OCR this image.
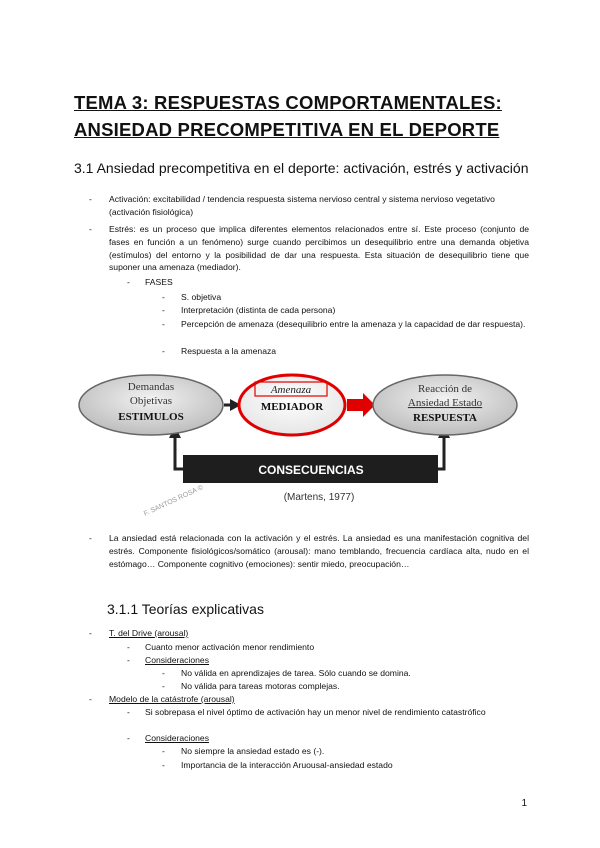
TEMA 3: RESPUESTAS COMPORTAMENTALES:
ANSIEDAD PRECOMPETITIVA EN EL DEPORTE
3.1 Ansiedad precompetitiva en el deporte: activación, estrés y activación
- Activación: excitabilidad / tendencia respuesta sistema nervioso central y sistema nervioso vegetativo (activación fisiológica)
- Estrés: es un proceso que implica diferentes elementos relacionados entre sí. Este proceso (conjunto de fases en función a un fenómeno) surge cuando percibimos un desequilibrio entre una demanda objetiva (estímulos) del entorno y la posibilidad de dar una respuesta. Esta situación de desequilibrio tiene que suponer una amenaza (mediador).
- FASES
- S. objetiva
- Interpretación (distinta de cada persona)
- Percepción de amenaza (desequilibrio entre la amenaza y la capacidad de dar respuesta).
- Respuesta a la amenaza
Demandas
Objetivas
ESTIMULOS
Amenaza
MEDIADOR
Reacción de
Ansiedad Estado
RESPUESTA
CONSECUENCIAS
F. SANTOS ROSA ©	(Martens, 1977)
- La ansiedad está relacionada con la activación y el estrés. La ansiedad es una manifestación cognitiva del estrés. Componente fisiológicos/somático (arousal): mano temblando, frecuencia cardíaca alta, nudo en el estómago… Componente cognitivo (emociones): sentir miedo, preocupación…
3.1.1 Teorías explicativas
- T. del Drive (arousal)
- Cuanto menor activación menor rendimiento
- Consideraciones
- No válida en aprendizajes de tarea. Sólo cuando se domina.
- No válida para tareas motoras complejas.
- Modelo de la catástrofe (arousal)
- Si sobrepasa el nivel óptimo de activación hay un menor nivel de rendimiento catastrófico
- Consideraciones
- No siempre la ansiedad estado es (-).
- Importancia de la interacción Aruousal-ansiedad estado
1
